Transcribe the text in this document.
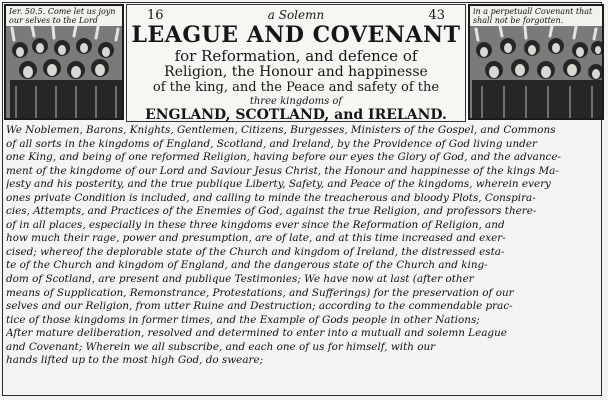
Ier. 50.5. Come let us joyn our selves to the Lord	16	a Solemn	43
LEAGUE AND COVENANT
for Reformation, and defence of
Religion, the Honour and happinesse
of the king, and the Peace and safety of the
three kingdoms of
ENGLAND, SCOTLAND, and IRELAND.
in a perpetuall Covenant that shall not be forgotten.
We Noblemen, Barons, Knights, Gentlemen, Citizens, Burgesses, Ministers of the Gospel, and Commons
of all sorts in the kingdoms of England, Scotland, and Ireland, by the Providence of God living under
one King, and being of one reformed Religion, having before our eyes the Glory of God, and the advance-
ment of the kingdome of our Lord and Saviour Jesus Christ, the Honour and happinesse of the kings Ma-
jesty and his posterity, and the true publique Liberty, Safety, and Peace of the kingdoms, wherein every
ones private Condition is included, and calling to minde the treacherous and bloody Plots, Conspira-
cies, Attempts, and Practices of the Enemies of God, against the true Religion, and professors there-
of in all places, especially in these three kingdoms ever since the Reformation of Religion, and
how much their rage, power and presumption, are of late, and at this time increased and exer-
cised; whereof the deplorable state of the Church and kingdom of Ireland, the distressed esta-
te of the Church and kingdom of England, and the dangerous state of the Church and king-
dom of Scotland, are present and publique Testimonies; We have now at last (after other
means of Supplication, Remonstrance, Protestations, and Sufferings) for the preservation of our
selves and our Religion, from utter Ruine and Destruction; according to the commendable prac-
tice of those kingdoms in former times, and the Example of Gods people in other Nations;
After mature deliberation, resolved and determined to enter into a mutuall and solemn League
and Covenant; Wherein we all subscribe, and each one of us for himself, with our
hands lifted up to the most high God, do sweare;
